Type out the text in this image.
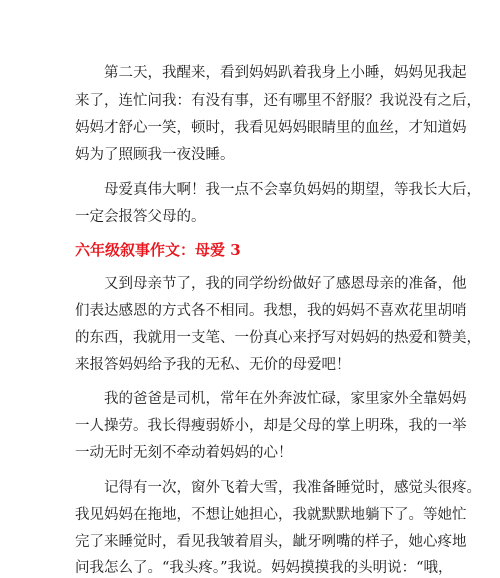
　　第二天，我醒来，看到妈妈趴着我身上小睡，妈妈见我起
来了，连忙问我：有没有事，还有哪里不舒服？我说没有之后，
妈妈才舒心一笑，顿时，我看见妈妈眼睛里的血丝，才知道妈
妈为了照顾我一夜没睡。
　　母爱真伟大啊！我一点不会辜负妈妈的期望，等我长大后，
一定会报答父母的。
六年级叙事作文：母爱 3
　　又到母亲节了，我的同学纷纷做好了感恩母亲的准备，他
们表达感恩的方式各不相同。我想，我的妈妈不喜欢花里胡哨
的东西，我就用一支笔、一份真心来抒写对妈妈的热爱和赞美，
来报答妈妈给予我的无私、无价的母爱吧！
　　我的爸爸是司机，常年在外奔波忙碌，家里家外全靠妈妈
一人操劳。我长得瘦弱娇小，却是父母的掌上明珠，我的一举
一动无时无刻不牵动着妈妈的心！
　　记得有一次，窗外飞着大雪，我准备睡觉时，感觉头很疼。
我见妈妈在拖地，不想让她担心，我就默默地躺下了。等她忙
完了来睡觉时，看见我皱着眉头，龇牙咧嘴的样子，她心疼地
问我怎么了。“我头疼。”我说。妈妈摸摸我的头明说：“哦，
